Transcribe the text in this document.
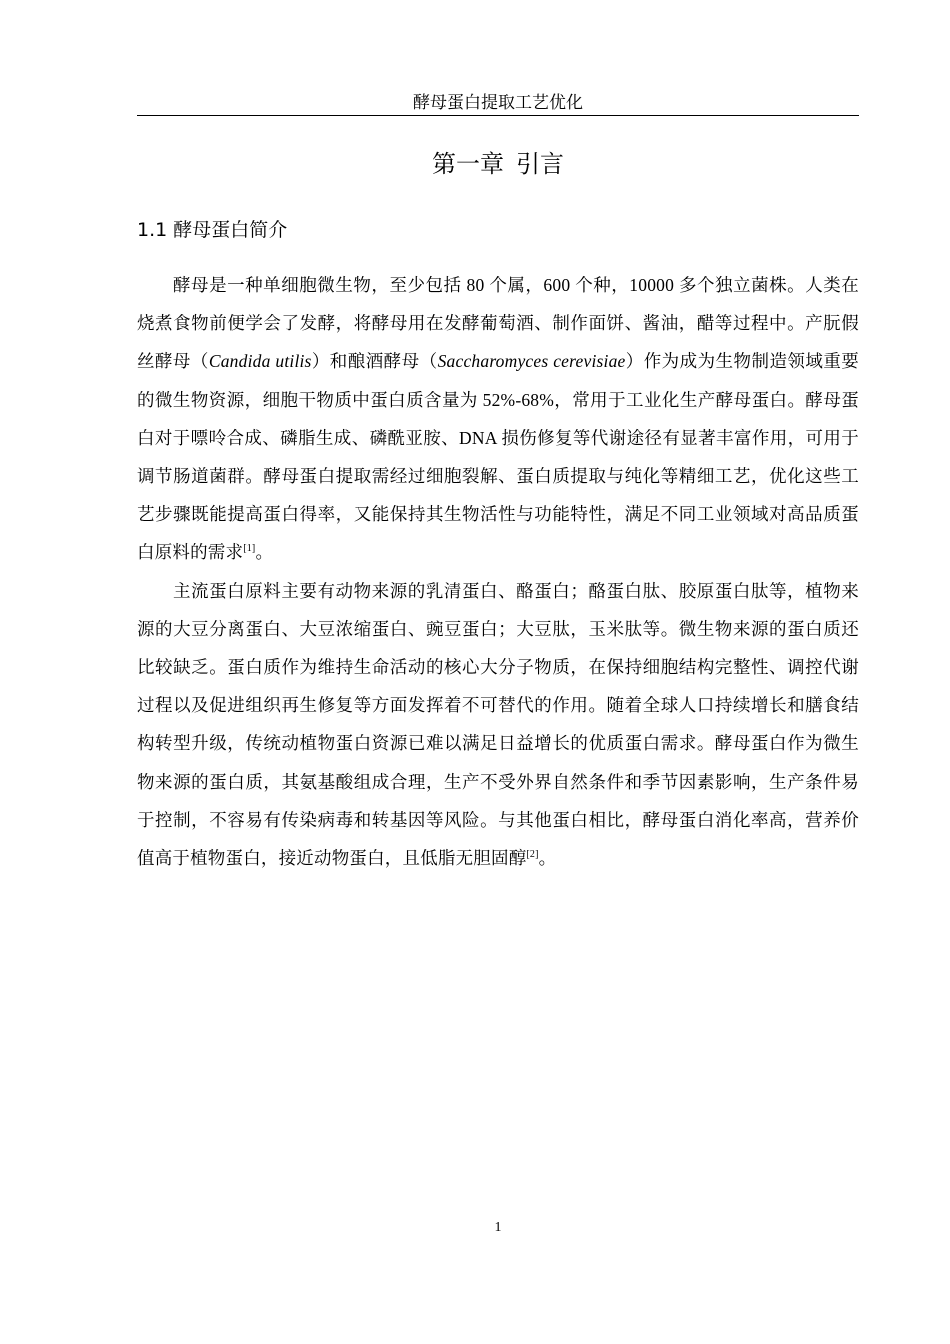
酵母蛋白提取工艺优化
第一章 引言
1.1 酵母蛋白简介

酵母是一种单细胞微生物，至少包括 80 个属，600 个种，10000 多个独立菌株。人类在烧煮食物前便学会了发酵，将酵母用在发酵葡萄酒、制作面饼、酱油，醋等过程中。产朊假丝酵母（Candida utilis）和酿酒酵母（Saccharomyces cerevisiae）作为成为生物制造领域重要的微生物资源，细胞干物质中蛋白质含量为 52%-68%，常用于工业化生产酵母蛋白。酵母蛋白对于嘌呤合成、磷脂生成、磷酰亚胺、DNA 损伤修复等代谢途径有显著丰富作用，可用于调节肠道菌群。酵母蛋白提取需经过细胞裂解、蛋白质提取与纯化等精细工艺，优化这些工艺步骤既能提高蛋白得率，又能保持其生物活性与功能特性，满足不同工业领域对高品质蛋白原料的需求[1]。

主流蛋白原料主要有动物来源的乳清蛋白、酪蛋白；酪蛋白肽、胶原蛋白肽等，植物来源的大豆分离蛋白、大豆浓缩蛋白、豌豆蛋白；大豆肽，玉米肽等。微生物来源的蛋白质还比较缺乏。蛋白质作为维持生命活动的核心大分子物质，在保持细胞结构完整性、调控代谢过程以及促进组织再生修复等方面发挥着不可替代的作用。随着全球人口持续增长和膳食结构转型升级，传统动植物蛋白资源已难以满足日益增长的优质蛋白需求。酵母蛋白作为微生物来源的蛋白质，其氨基酸组成合理，生产不受外界自然条件和季节因素影响，生产条件易于控制，不容易有传染病毒和转基因等风险。与其他蛋白相比，酵母蛋白消化率高，营养价值高于植物蛋白，接近动物蛋白，且低脂无胆固醇[2]。

1
